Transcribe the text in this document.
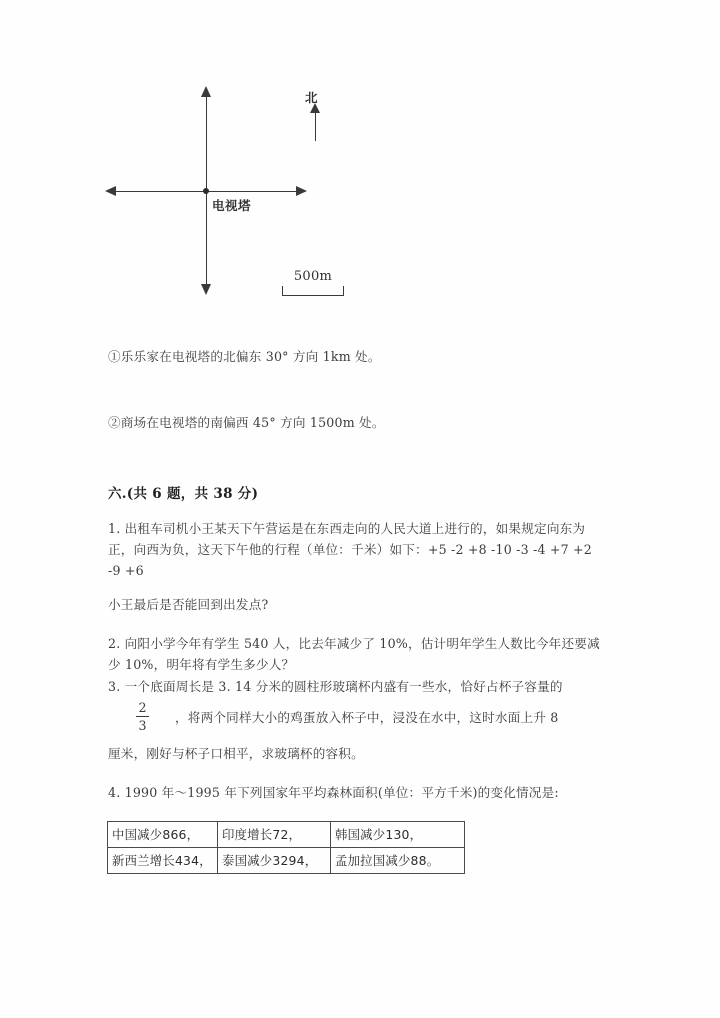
电视塔
北
500m
①乐乐家在电视塔的北偏东 30° 方向 1km 处。
②商场在电视塔的南偏西 45° 方向 1500m 处。
六.(共 6 题，共 38 分)
1. 出租车司机小王某天下午营运是在东西走向的人民大道上进行的，如果规定向东为正，向西为负，这天下午他的行程（单位：千米）如下：+5 -2 +8 -10 -3 -4 +7 +2 -9 +6
小王最后是否能回到出发点?
2. 向阳小学今年有学生 540 人，比去年减少了 10%，估计明年学生人数比今年还要减少 10%，明年将有学生多少人？
3. 一个底面周长是 3. 14 分米的圆柱形玻璃杯内盛有一些水，恰好占杯子容量的
2
3
，将两个同样大小的鸡蛋放入杯子中，浸没在水中，这时水面上升 8
厘米，刚好与杯子口相平，求玻璃杯的容积。
4. 1990 年～1995 年下列国家年平均森林面积(单位：平方千米)的变化情况是:
中国减少866，	印度增长72，	韩国减少130，
新西兰增长434，	泰国减少3294，	孟加拉国减少88。
